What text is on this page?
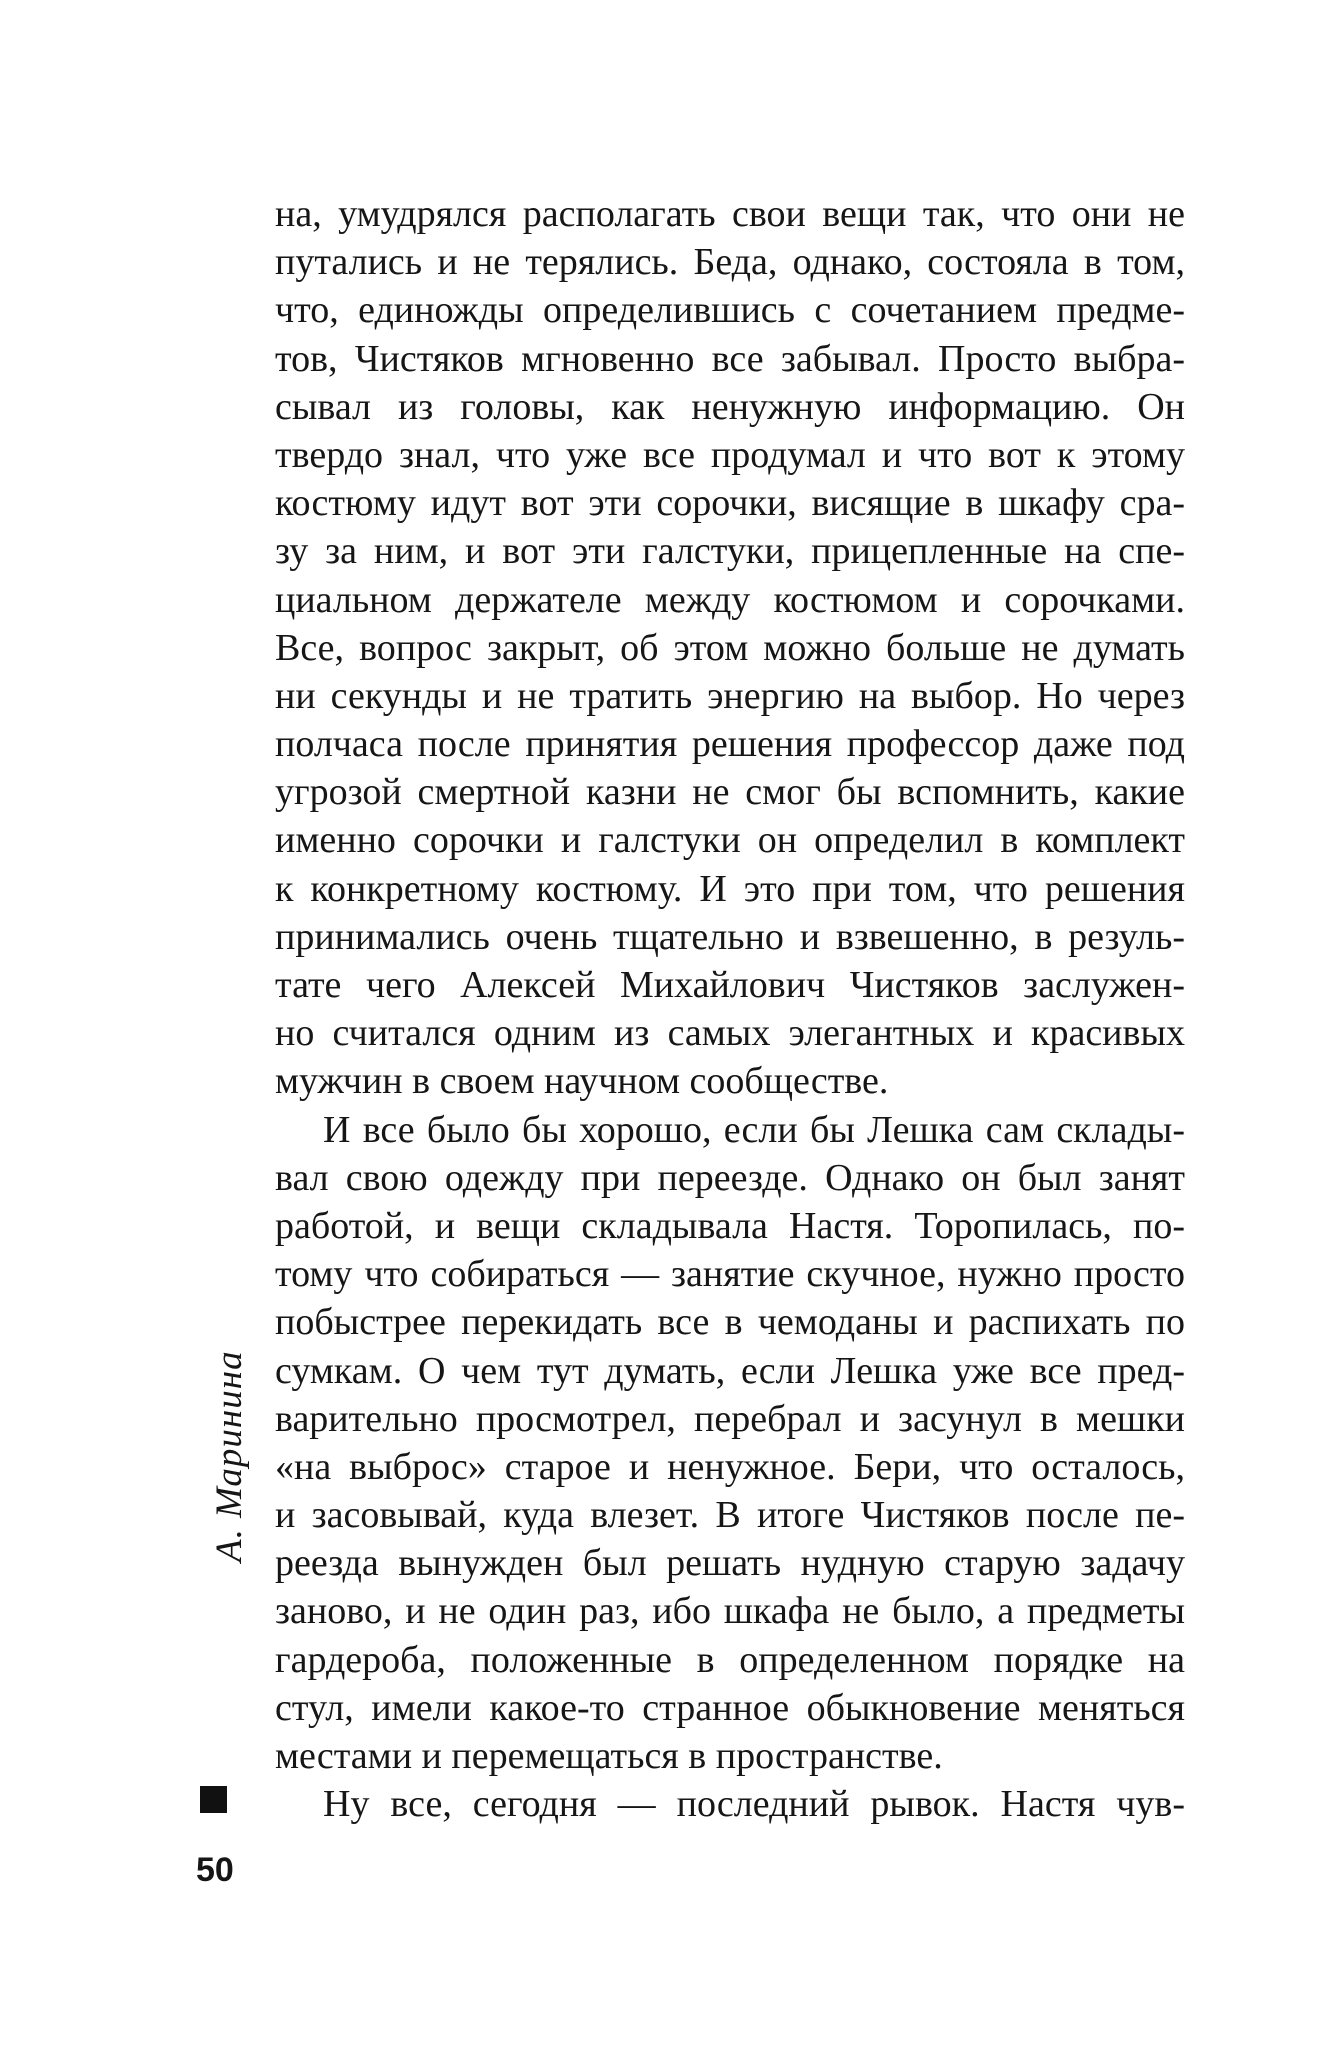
на, умудрялся располагать свои вещи так, что они не
путались и не терялись. Беда, однако, состояла в том,
что, единожды определившись с сочетанием предме-
тов, Чистяков мгновенно все забывал. Просто выбра-
сывал из головы, как ненужную информацию. Он
твердо знал, что уже все продумал и что вот к этому
костюму идут вот эти сорочки, висящие в шкафу сра-
зу за ним, и вот эти галстуки, прицепленные на спе-
циальном держателе между костюмом и сорочками.
Все, вопрос закрыт, об этом можно больше не думать
ни секунды и не тратить энергию на выбор. Но через
полчаса после принятия решения профессор даже под
угрозой смертной казни не смог бы вспомнить, какие
именно сорочки и галстуки он определил в комплект
к конкретному костюму. И это при том, что решения
принимались очень тщательно и взвешенно, в резуль-
тате чего Алексей Михайлович Чистяков заслужен-
но считался одним из самых элегантных и красивых
мужчин в своем научном сообществе.
И все было бы хорошо, если бы Лешка сам склады-
вал свою одежду при переезде. Однако он был занят
работой, и вещи складывала Настя. Торопилась, по-
тому что собираться — занятие скучное, нужно просто
побыстрее перекидать все в чемоданы и распихать по
сумкам. О чем тут думать, если Лешка уже все пред-
варительно просмотрел, перебрал и засунул в мешки
«на выброс» старое и ненужное. Бери, что осталось,
и засовывай, куда влезет. В итоге Чистяков после пе-
реезда вынужден был решать нудную старую задачу
заново, и не один раз, ибо шкафа не было, а предметы
гардероба, положенные в определенном порядке на
стул, имели какое-то странное обыкновение меняться
местами и перемещаться в пространстве.
Ну все, сегодня — последний рывок. Настя чув-
А. Маринина
50
